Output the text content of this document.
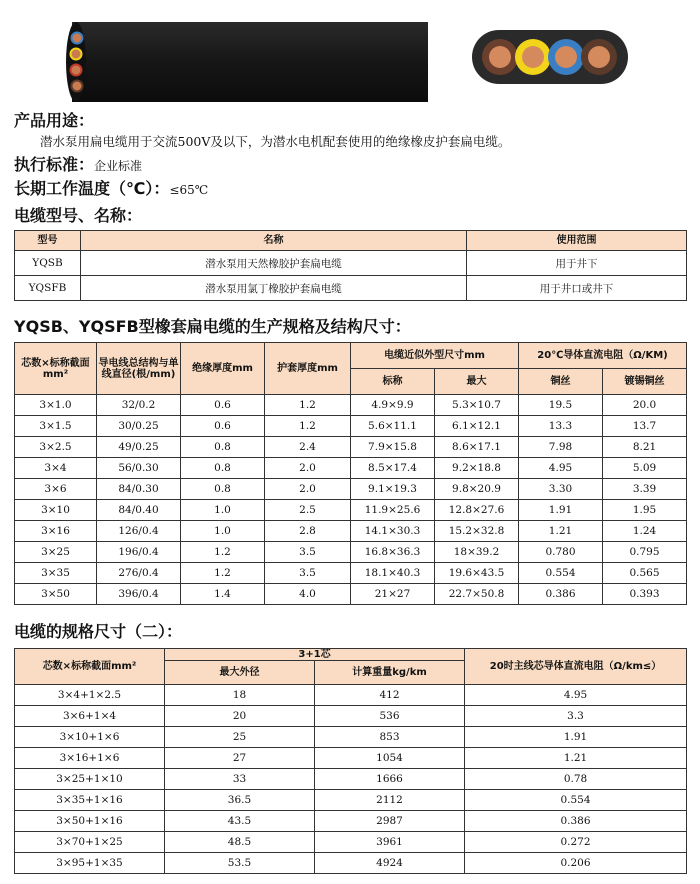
产品用途：
潜水泵用扁电缆用于交流500V及以下，为潜水电机配套使用的绝缘橡皮护套扁电缆。
执行标准：企业标准
长期工作温度（℃）：≤65℃
电缆型号、名称：
型号	名称	使用范围
YQSB	潜水泵用天然橡胶护套扁电缆	用于井下
YQSFB	潜水泵用氯丁橡胶护套扁电缆	用于井口或井下
YQSB、YQSFB型橡套扁电缆的生产规格及结构尺寸：
芯数×标称截面mm²	导电线总结构与单线直径(根/mm)	绝缘厚度mm	护套厚度mm	电缆近似外型尺寸mm		20℃导体直流电阻（Ω/KM)	
				标称	最大	铜丝	镀锡铜丝
3×1.0	32/0.2	0.6	1.2	4.9×9.9	5.3×10.7	19.5	20.0
3×1.5	30/0.25	0.6	1.2	5.6×11.1	6.1×12.1	13.3	13.7
3×2.5	49/0.25	0.8	2.4	7.9×15.8	8.6×17.1	7.98	8.21
3×4	56/0.30	0.8	2.0	8.5×17.4	9.2×18.8	4.95	5.09
3×6	84/0.30	0.8	2.0	9.1×19.3	9.8×20.9	3.30	3.39
3×10	84/0.40	1.0	2.5	11.9×25.6	12.8×27.6	1.91	1.95
3×16	126/0.4	1.0	2.8	14.1×30.3	15.2×32.8	1.21	1.24
3×25	196/0.4	1.2	3.5	16.8×36.3	18×39.2	0.780	0.795
3×35	276/0.4	1.2	3.5	18.1×40.3	19.6×43.5	0.554	0.565
3×50	396/0.4	1.4	4.0	21×27	22.7×50.8	0.386	0.393
电缆的规格尺寸（二）：
芯数×标称截面mm²	3+1芯		20时主线芯导体直流电阻（Ω/km≤）
	最大外径	计算重量kg/km	
3×4+1×2.5	18	412	4.95
3×6+1×4	20	536	3.3
3×10+1×6	25	853	1.91
3×16+1×6	27	1054	1.21
3×25+1×10	33	1666	0.78
3×35+1×16	36.5	2112	0.554
3×50+1×16	43.5	2987	0.386
3×70+1×25	48.5	3961	0.272
3×95+1×35	53.5	4924	0.206
